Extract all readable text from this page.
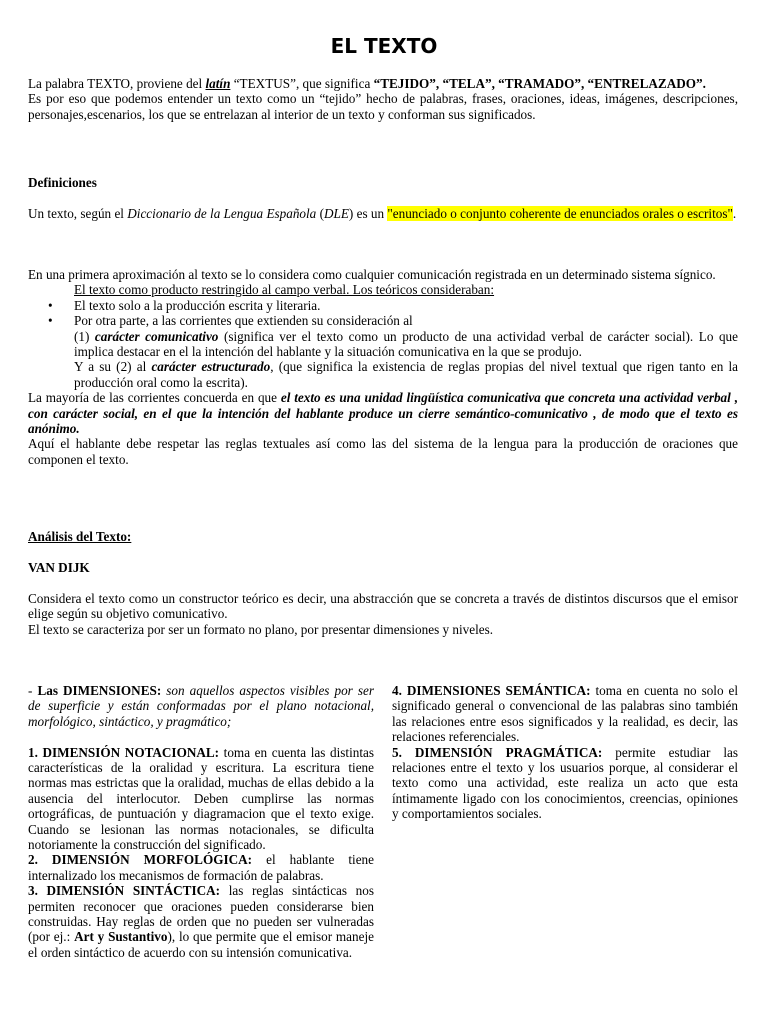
EL TEXTO

La palabra TEXTO, proviene del latín “TEXTUS”, que significa “TEJIDO”, “TELA”, “TRAMADO”, “ENTRELAZADO”.

Es por eso que podemos entender un texto como un “tejido” hecho de palabras, frases, oraciones, ideas, imágenes, descripciones, personajes,escenarios, los que se entrelazan al interior de un texto y conforman sus significados.

Definiciones

Un texto, según el Diccionario de la Lengua Española (DLE) es un "enunciado o conjunto coherente de enunciados orales o escritos".

En una primera aproximación al texto se lo considera como cualquier comunicación registrada en un determinado sistema sígnico.

El texto como producto restringido al campo verbal. Los teóricos consideraban:

• El texto solo a la producción escrita y literaria.
• Por otra parte, a las corrientes que extienden su consideración al

(1) carácter comunicativo (significa ver el texto como un producto de una actividad verbal de carácter social). Lo que implica destacar en el la intención del hablante y la situación comunicativa en la que se produjo.

Y a su (2) al carácter estructurado, (que significa la existencia de reglas propias del nivel textual que rigen tanto en la producción oral como la escrita).

La mayoría de las corrientes concuerda en que el texto es una unidad lingüística comunicativa que concreta una actividad verbal , con carácter social, en el que la intención del hablante produce un cierre semántico-comunicativo , de modo que el texto es anónimo.

Aquí el hablante debe respetar las reglas textuales así como las del sistema de la lengua para la producción de oraciones que componen el texto.

Análisis del Texto:

VAN DIJK

Considera el texto como un constructor teórico es decir, una abstracción que se concreta a través de distintos discursos que el emisor elige según su objetivo comunicativo.

El texto se caracteriza por ser un formato no plano, por presentar dimensiones y niveles.

- Las DIMENSIONES: son aquellos aspectos visibles por ser de superficie y están conformadas por el plano notacional, morfológico, sintáctico, y pragmático;

1. DIMENSIÓN NOTACIONAL: toma en cuenta las distintas características de la oralidad y escritura. La escritura tiene normas mas estrictas que la oralidad, muchas de ellas debido a la ausencia del interlocutor. Deben cumplirse las normas ortográficas, de puntuación y diagramacion que el texto exige. Cuando se lesionan las normas notacionales, se dificulta notoriamente la construcción del significado.

2. DIMENSIÓN MORFOLÓGICA: el hablante tiene internalizado los mecanismos de formación de palabras.

3. DIMENSIÓN SINTÁCTICA: las reglas sintácticas nos permiten reconocer que oraciones pueden considerarse bien construidas. Hay reglas de orden que no pueden ser vulneradas (por ej.: Art y Sustantivo), lo que permite que el emisor maneje el orden sintáctico de acuerdo con su intensión comunicativa.

4. DIMENSIONES SEMÁNTICA: toma en cuenta no solo el significado general o convencional de las palabras sino también las relaciones entre esos significados y la realidad, es decir, las relaciones referenciales.

5. DIMENSIÓN PRAGMÁTICA: permite estudiar las relaciones entre el texto y los usuarios porque, al considerar el texto como una actividad, este realiza un acto que esta íntimamente ligado con los conocimientos, creencias, opiniones y comportamientos sociales.
